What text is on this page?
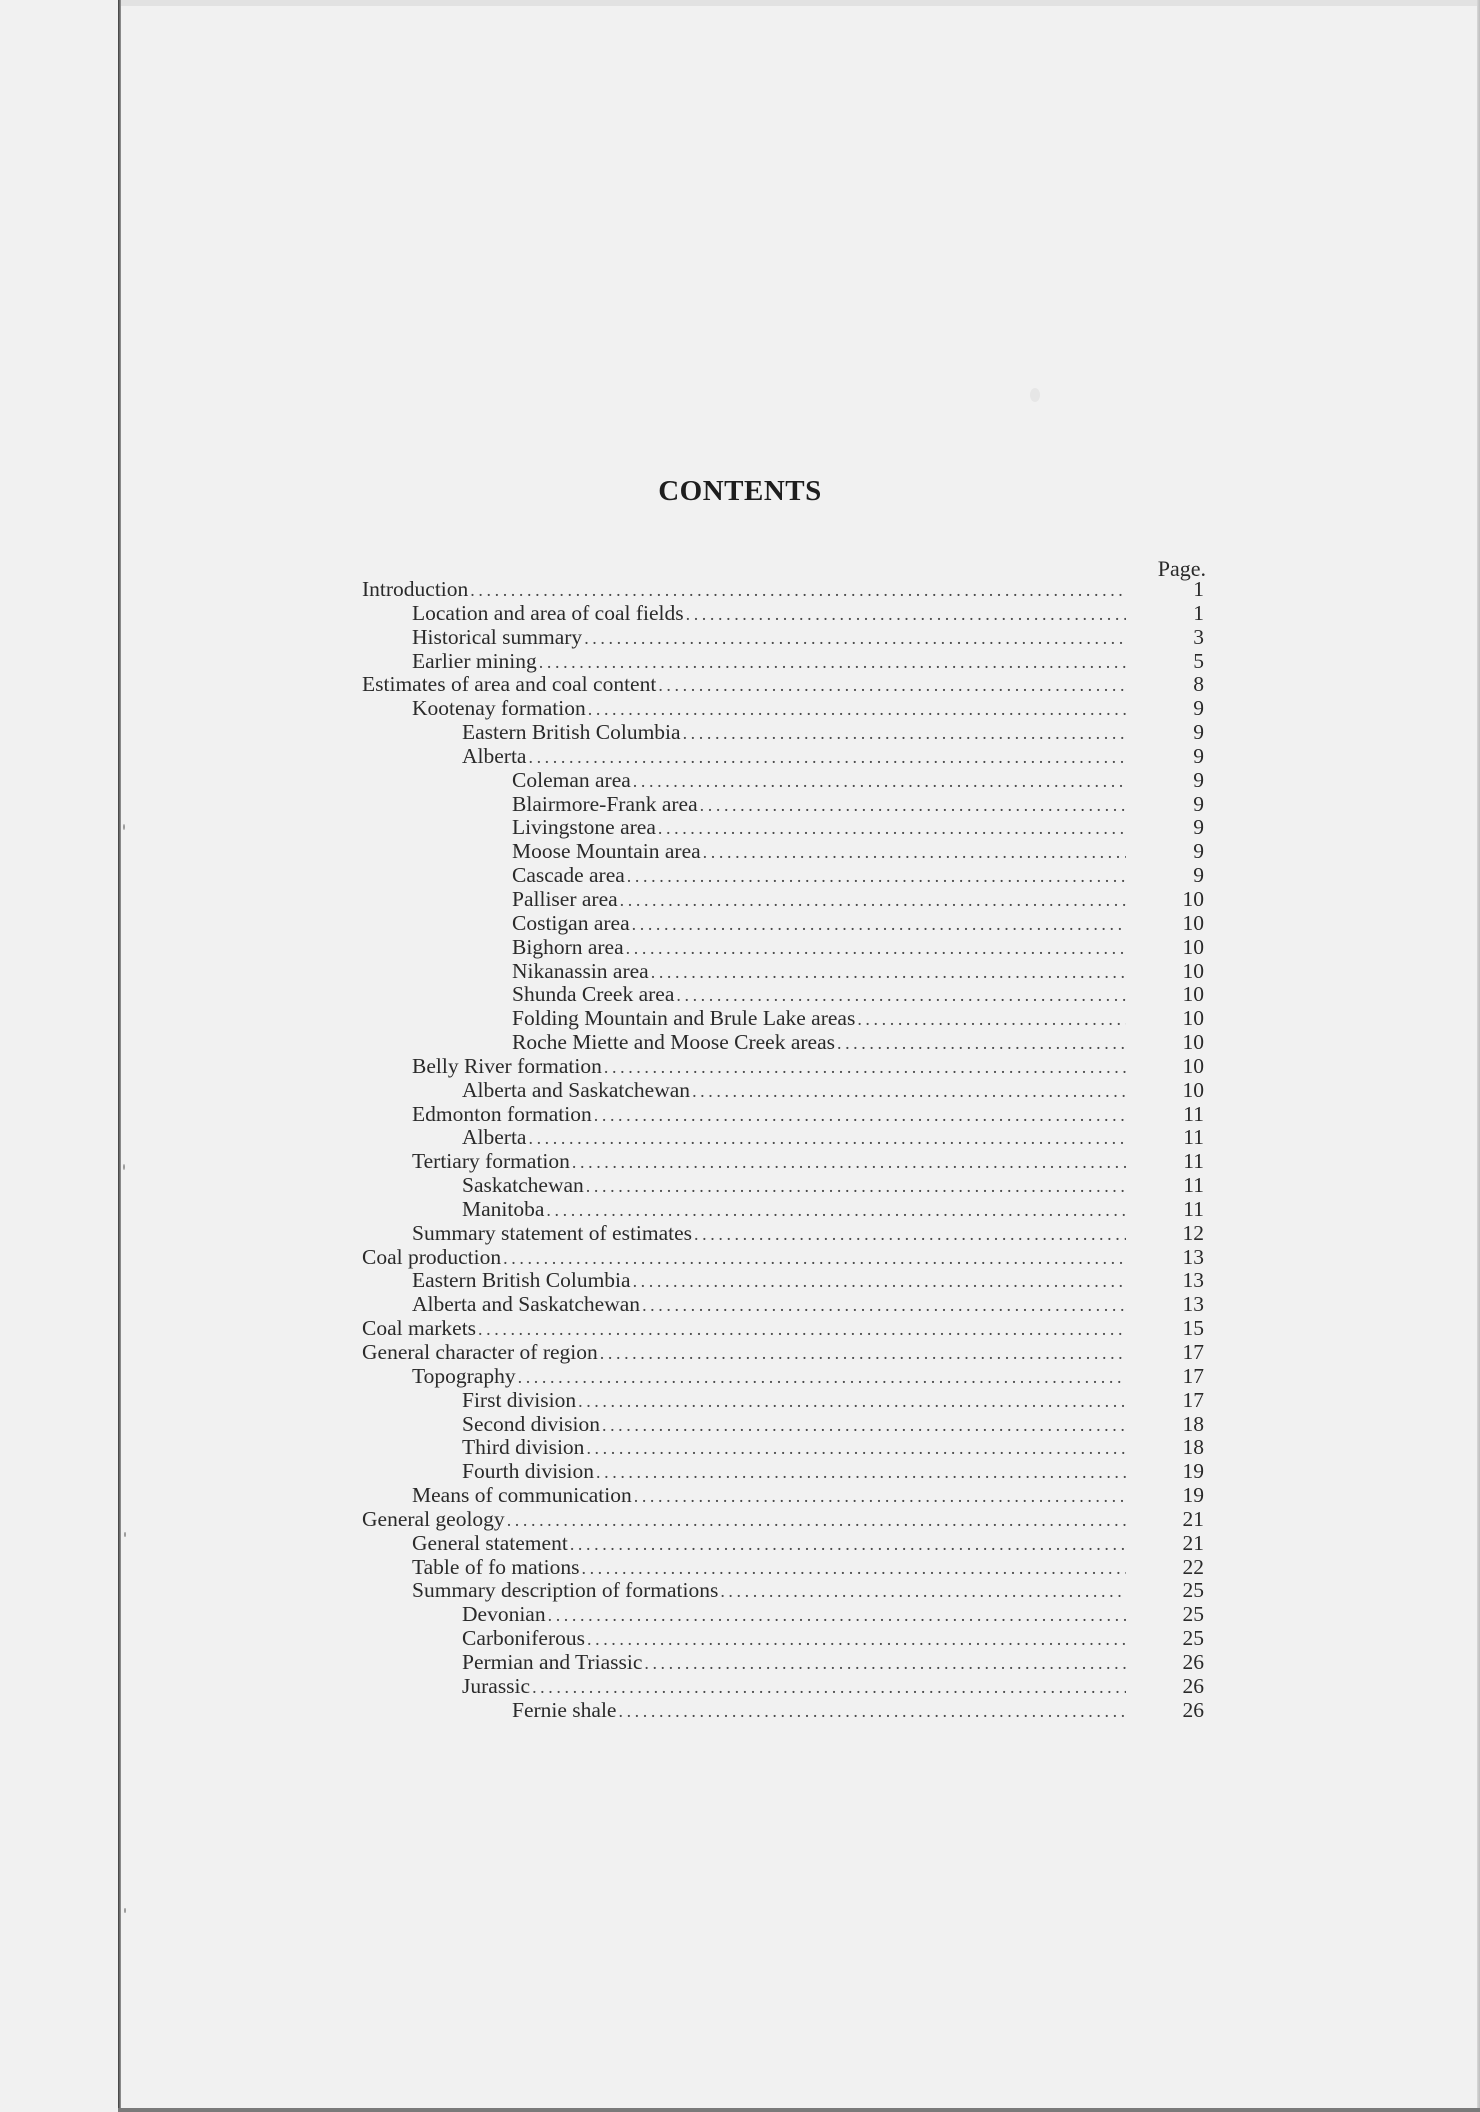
CONTENTS
Page.
Introduction .....	1
Location and area of coal fields .....	1
Historical summary .....	3
Earlier mining .....	5
Estimates of area and coal content .....	8
Kootenay formation .....	9
Eastern British Columbia .....	9
Alberta .....	9
Coleman area .....	9
Blairmore-Frank area .....	9
Livingstone area .....	9
Moose Mountain area .....	9
Cascade area .....	9
Palliser area .....	10
Costigan area .....	10
Bighorn area .....	10
Nikanassin area .....	10
Shunda Creek area .....	10
Folding Mountain and Brule Lake areas .....	10
Roche Miette and Moose Creek areas .....	10
Belly River formation .....	10
Alberta and Saskatchewan .....	10
Edmonton formation .....	11
Alberta .....	11
Tertiary formation .....	11
Saskatchewan .....	11
Manitoba .....	11
Summary statement of estimates .....	12
Coal production .....	13
Eastern British Columbia .....	13
Alberta and Saskatchewan .....	13
Coal markets .....	15
General character of region .....	17
Topography .....	17
First division .....	17
Second division .....	18
Third division .....	18
Fourth division .....	19
Means of communication .....	19
General geology .....	21
General statement .....	21
Table of fo mations .....	22
Summary description of formations .....	25
Devonian .....	25
Carboniferous .....	25
Permian and Triassic .....	26
Jurassic .....	26
Fernie shale .....	26
